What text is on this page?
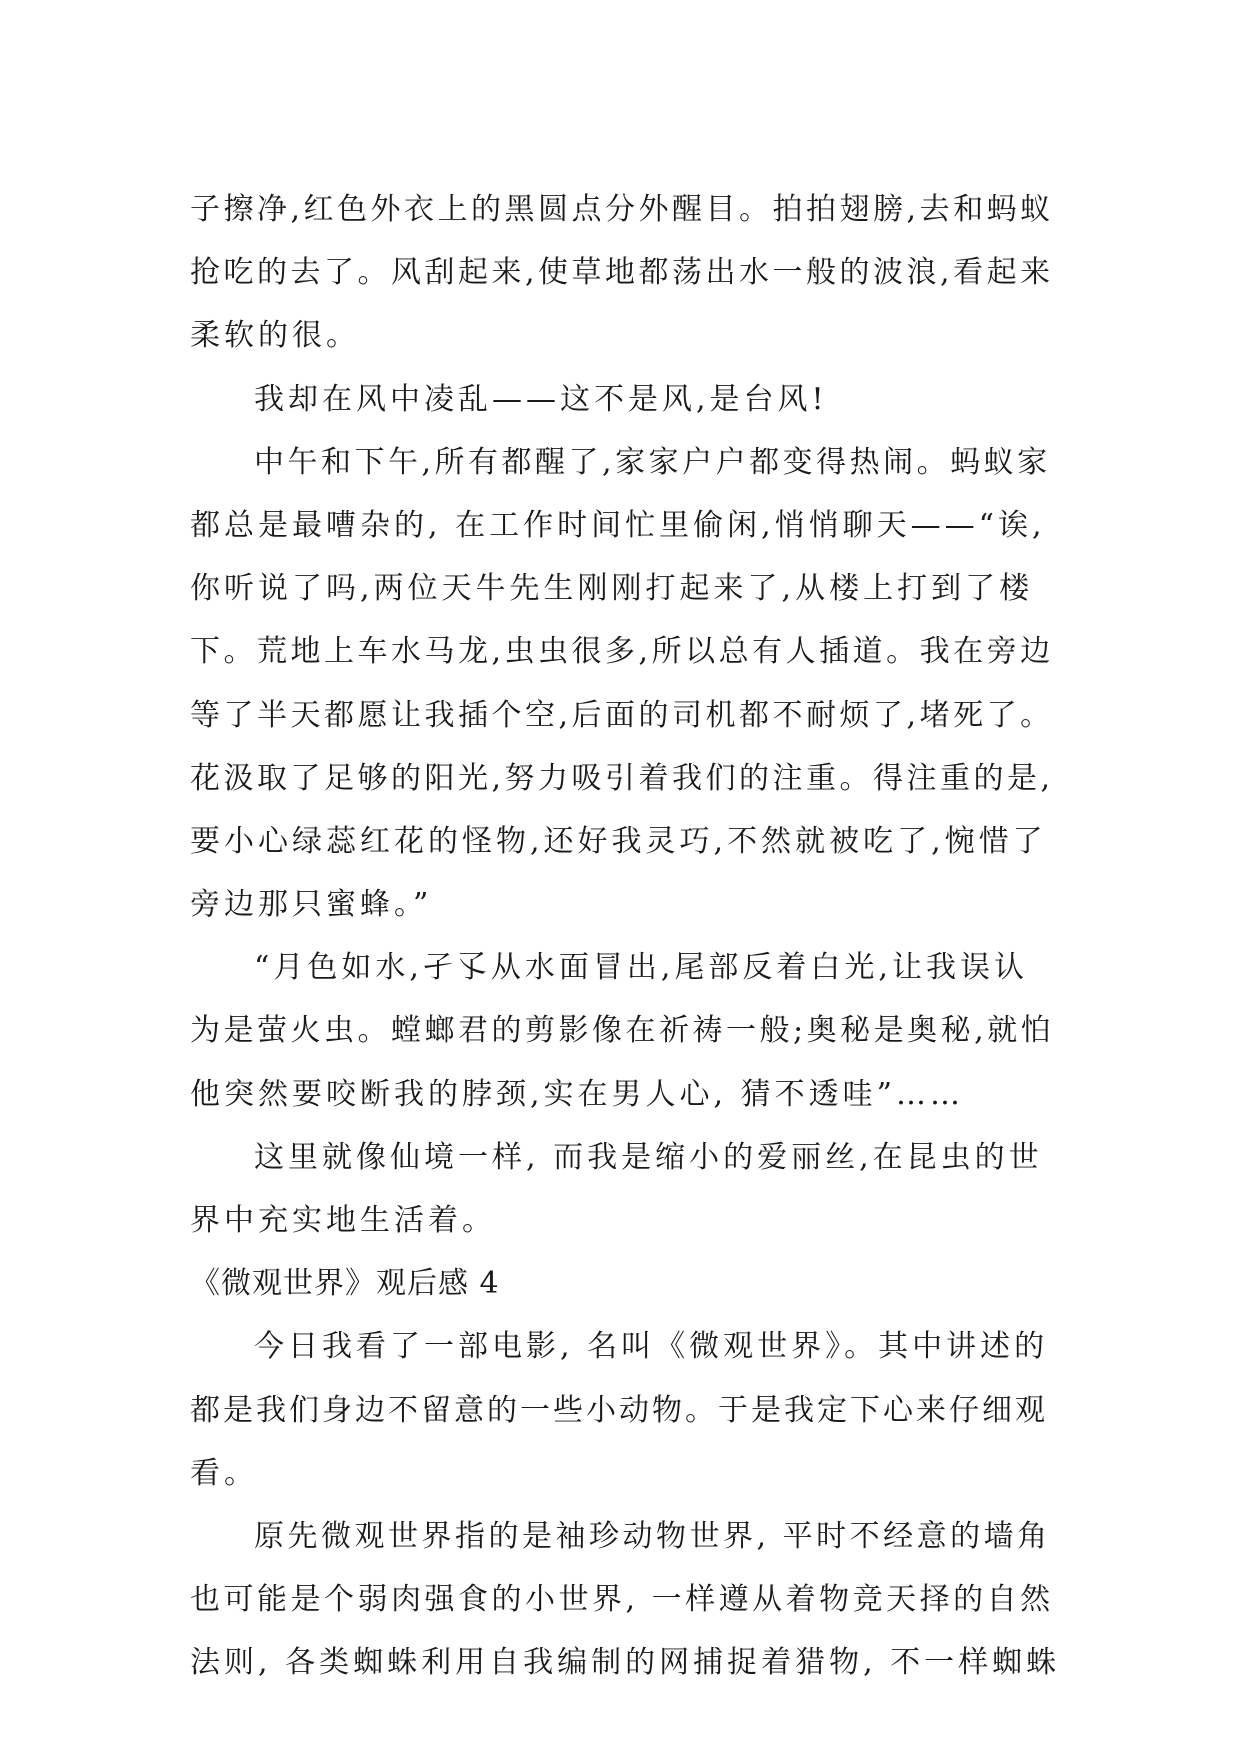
子擦净,红色外衣上的黑圆点分外醒目。拍拍翅膀,去和蚂蚁
抢吃的去了。风刮起来,使草地都荡出水一般的波浪,看起来
柔软的很。
我却在风中凌乱——这不是风,是台风!
中午和下午,所有都醒了,家家户户都变得热闹。蚂蚁家
都总是最嘈杂的, 在工作时间忙里偷闲,悄悄聊天——“诶,
你听说了吗,两位天牛先生刚刚打起来了,从楼上打到了楼
下。荒地上车水马龙,虫虫很多,所以总有人插道。我在旁边
等了半天都愿让我插个空,后面的司机都不耐烦了,堵死了。
花汲取了足够的阳光,努力吸引着我们的注重。得注重的是,
要小心绿蕊红花的怪物,还好我灵巧,不然就被吃了,惋惜了
旁边那只蜜蜂。”
“月色如水,孑孓从水面冒出,尾部反着白光,让我误认
为是萤火虫。螳螂君的剪影像在祈祷一般;奥秘是奥秘,就怕
他突然要咬断我的脖颈,实在男人心, 猜不透哇”……
这里就像仙境一样, 而我是缩小的爱丽丝,在昆虫的世
界中充实地生活着。
《微观世界》观后感 4
今日我看了一部电影, 名叫《微观世界》。其中讲述的
都是我们身边不留意的一些小动物。于是我定下心来仔细观
看。
原先微观世界指的是袖珍动物世界, 平时不经意的墙角
也可能是个弱肉强食的小世界, 一样遵从着物竞天择的自然
法则, 各类蜘蛛利用自我编制的网捕捉着猎物, 不一样蜘蛛
